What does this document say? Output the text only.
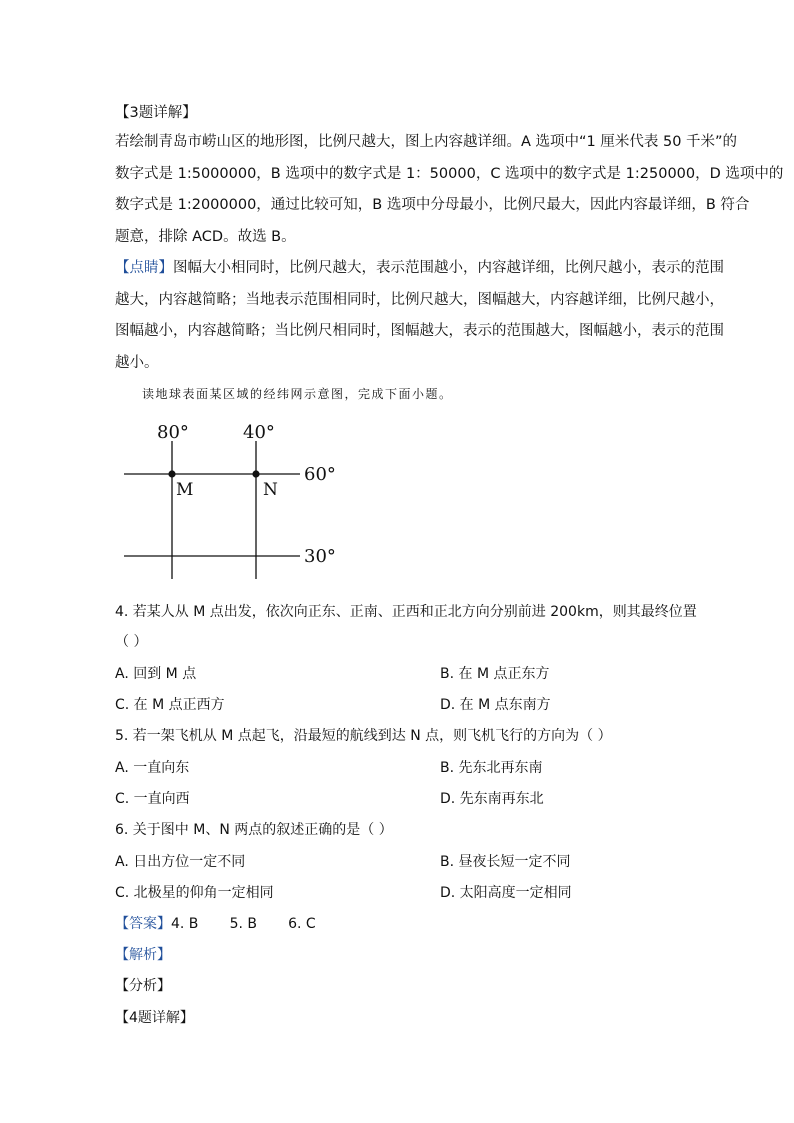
【3题详解】
若绘制青岛市崂山区的地形图，比例尺越大，图上内容越详细。A 选项中“1 厘米代表 50 千米”的
数字式是 1:5000000，B 选项中的数字式是 1：50000，C 选项中的数字式是 1:250000，D 选项中的
数字式是 1:2000000，通过比较可知，B 选项中分母最小，比例尺最大，因此内容最详细，B 符合
题意，排除 ACD。故选 B。
【点睛】图幅大小相同时，比例尺越大，表示范围越小，内容越详细，比例尺越小，表示的范围
越大，内容越简略；当地表示范围相同时，比例尺越大，图幅越大，内容越详细，比例尺越小，
图幅越小，内容越简略；当比例尺相同时，图幅越大，表示的范围越大，图幅越小，表示的范围
越小。
读地球表面某区域的经纬网示意图，完成下面小题。
80°	40°
60°
30°
M	N
4. 若某人从 M 点出发，依次向正东、正南、正西和正北方向分别前进 200km，则其最终位置
（ ）
A. 回到 M 点	B. 在 M 点正东方
C. 在 M 点正西方	D. 在 M 点东南方
5. 若一架飞机从 M 点起飞，沿最短的航线到达 N 点，则飞机飞行的方向为（ ）
A. 一直向东	B. 先东北再东南
C. 一直向西	D. 先东南再东北
6. 关于图中 M、N 两点的叙述正确的是（ ）
A. 日出方位一定不同	B. 昼夜长短一定不同
C. 北极星的仰角一定相同	D. 太阳高度一定相同
【答案】4. B       5. B       6. C
【解析】
【分析】
【4题详解】
